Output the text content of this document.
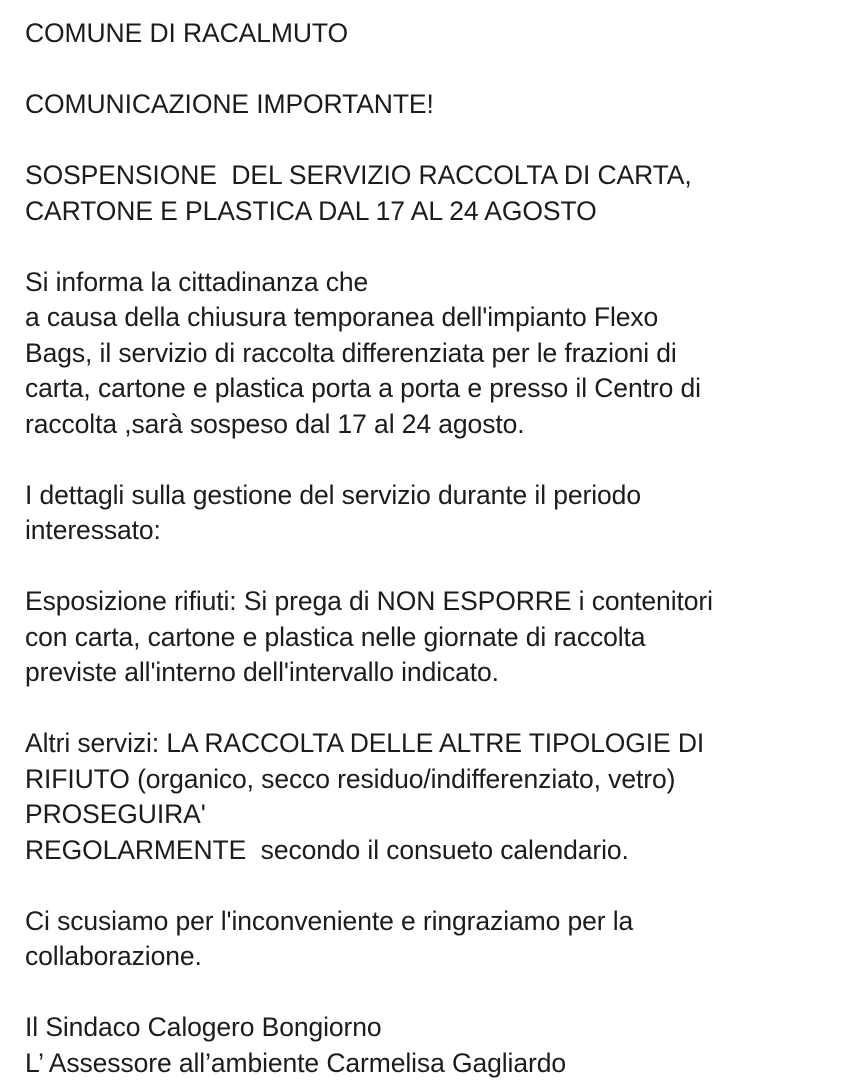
COMUNE DI RACALMUTO
COMUNICAZIONE IMPORTANTE!
SOSPENSIONE  DEL SERVIZIO RACCOLTA DI CARTA,
CARTONE E PLASTICA DAL 17 AL 24 AGOSTO
Si informa la cittadinanza che
a causa della chiusura temporanea dell'impianto Flexo
Bags, il servizio di raccolta differenziata per le frazioni di
carta, cartone e plastica porta a porta e presso il Centro di
raccolta ,sarà sospeso dal 17 al 24 agosto.
I dettagli sulla gestione del servizio durante il periodo
interessato:
Esposizione rifiuti: Si prega di NON ESPORRE i contenitori
con carta, cartone e plastica nelle giornate di raccolta
previste all'interno dell'intervallo indicato.
Altri servizi: LA RACCOLTA DELLE ALTRE TIPOLOGIE DI
RIFIUTO (organico, secco residuo/indifferenziato, vetro)
PROSEGUIRA'
REGOLARMENTE  secondo il consueto calendario.
Ci scusiamo per l'inconveniente e ringraziamo per la
collaborazione.
Il Sindaco Calogero Bongiorno
L’ Assessore all’ambiente Carmelisa Gagliardo
